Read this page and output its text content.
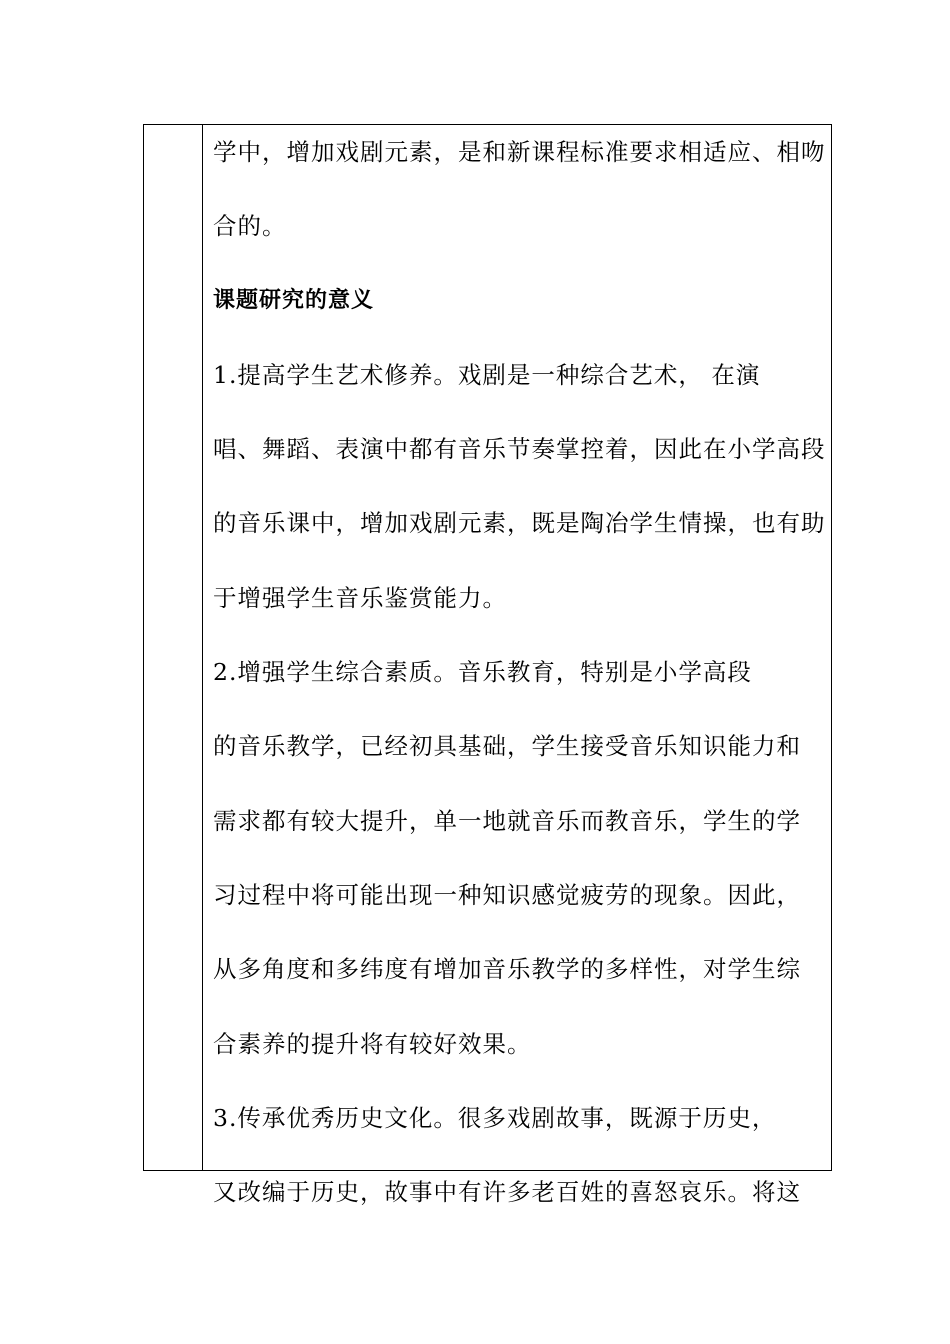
学中，增加戏剧元素，是和新课程标准要求相适应、相吻
合的。
课题研究的意义
1.提高学生艺术修养。戏剧是一种综合艺术， 在演
唱、舞蹈、表演中都有音乐节奏掌控着，因此在小学高段
的音乐课中，增加戏剧元素，既是陶冶学生情操，也有助
于增强学生音乐鉴赏能力。
2.增强学生综合素质。音乐教育，特别是小学高段
的音乐教学，已经初具基础，学生接受音乐知识能力和
需求都有较大提升，单一地就音乐而教音乐，学生的学
习过程中将可能出现一种知识感觉疲劳的现象。因此，
从多角度和多纬度有增加音乐教学的多样性，对学生综
合素养的提升将有较好效果。
3.传承优秀历史文化。很多戏剧故事，既源于历史，
又改编于历史，故事中有许多老百姓的喜怒哀乐。将这
